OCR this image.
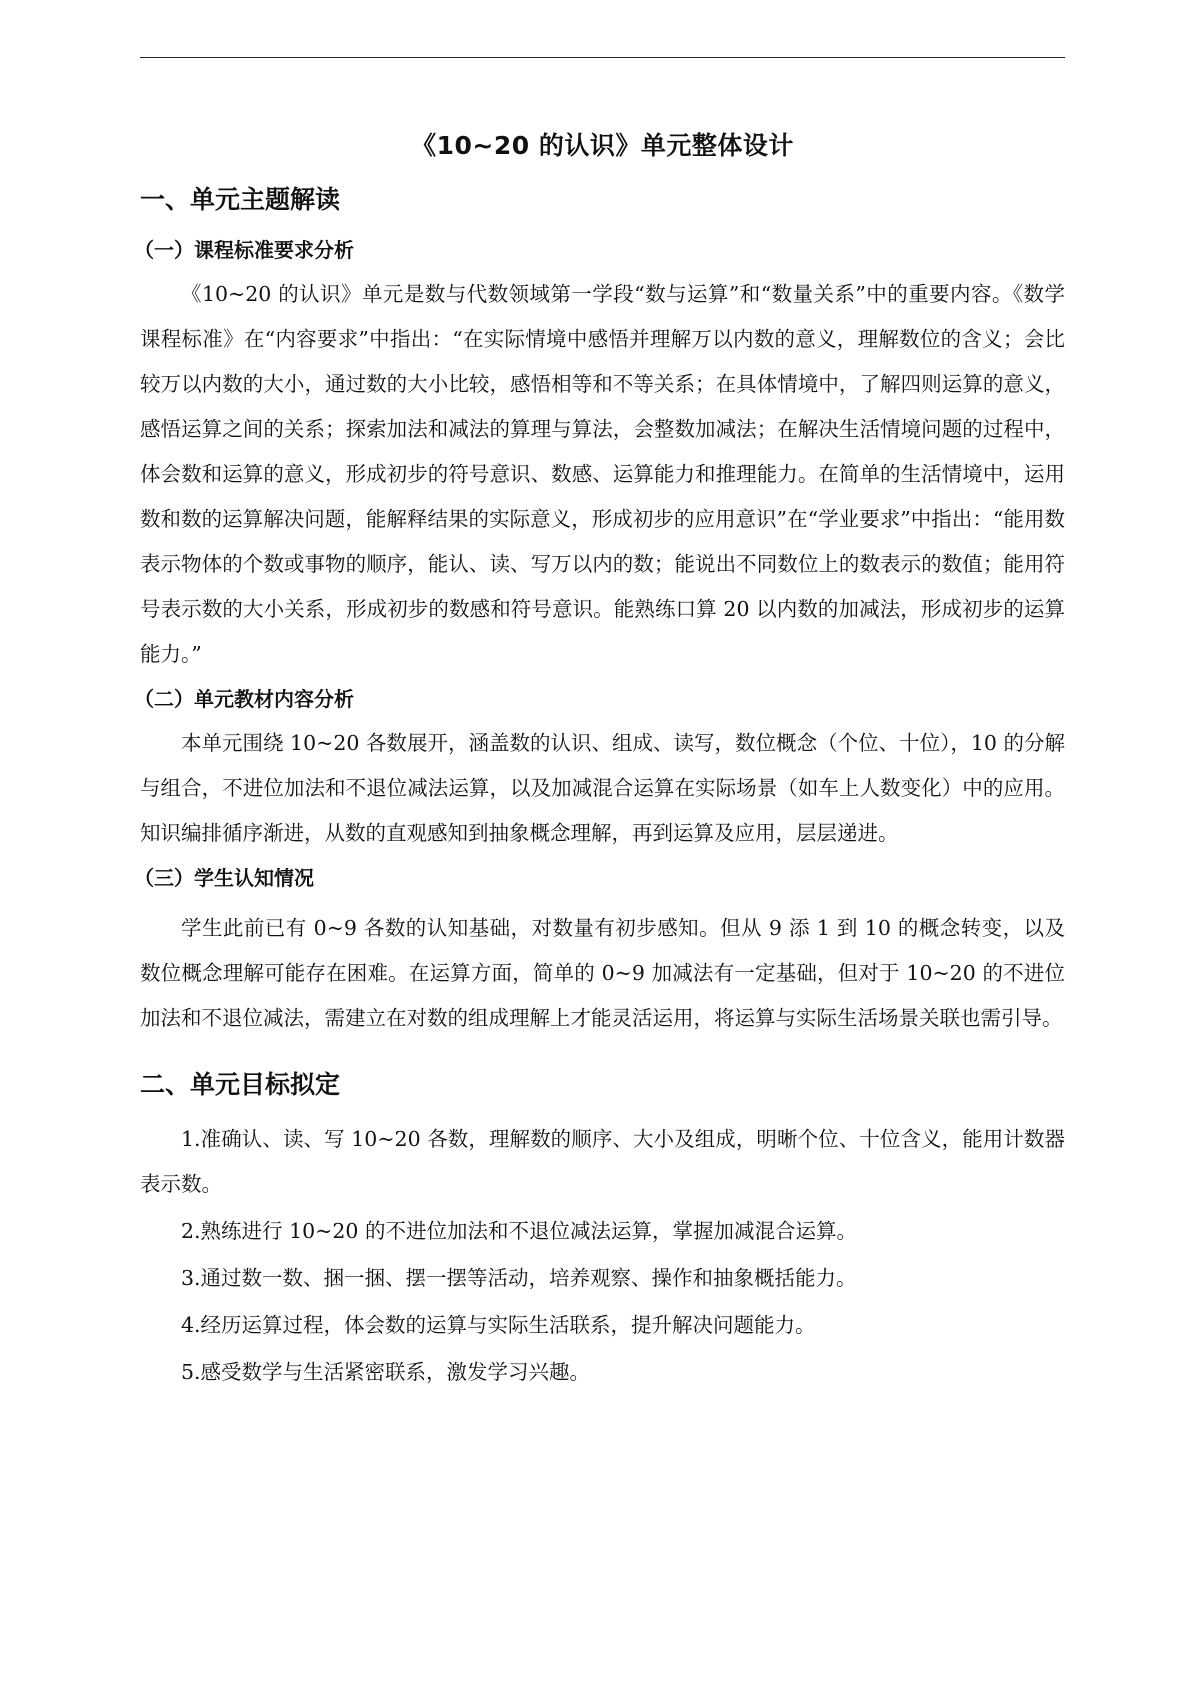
《10~20 的认识》单元整体设计
一、单元主题解读
（一）课程标准要求分析

《10~20 的认识》单元是数与代数领域第一学段“数与运算”和“数量关系”中的重要内容。《数学课程标准》在“内容要求”中指出：“在实际情境中感悟并理解万以内数的意义，理解数位的含义；会比较万以内数的大小，通过数的大小比较，感悟相等和不等关系；在具体情境中，了解四则运算的意义，感悟运算之间的关系；探索加法和减法的算理与算法，会整数加减法；在解决生活情境问题的过程中，体会数和运算的意义，形成初步的符号意识、数感、运算能力和推理能力。在简单的生活情境中，运用数和数的运算解决问题，能解释结果的实际意义，形成初步的应用意识”在“学业要求”中指出：“能用数表示物体的个数或事物的顺序，能认、读、写万以内的数；能说出不同数位上的数表示的数值；能用符号表示数的大小关系，形成初步的数感和符号意识。能熟练口算 20 以内数的加减法，形成初步的运算能力。”

（二）单元教材内容分析

本单元围绕 10~20 各数展开，涵盖数的认识、组成、读写，数位概念（个位、十位），10 的分解与组合，不进位加法和不退位减法运算，以及加减混合运算在实际场景（如车上人数变化）中的应用。知识编排循序渐进，从数的直观感知到抽象概念理解，再到运算及应用，层层递进。

（三）学生认知情况

学生此前已有 0~9 各数的认知基础，对数量有初步感知。但从 9 添 1 到 10 的概念转变，以及数位概念理解可能存在困难。在运算方面，简单的 0~9 加减法有一定基础，但对于 10~20 的不进位加法和不退位减法，需建立在对数的组成理解上才能灵活运用，将运算与实际生活场景关联也需引导。

二、单元目标拟定

1.准确认、读、写 10~20 各数，理解数的顺序、大小及组成，明晰个位、十位含义，能用计数器表示数。

2.熟练进行 10~20 的不进位加法和不退位减法运算，掌握加减混合运算。

3.通过数一数、捆一捆、摆一摆等活动，培养观察、操作和抽象概括能力。

4.经历运算过程，体会数的运算与实际生活联系，提升解决问题能力。

5.感受数学与生活紧密联系，激发学习兴趣。
